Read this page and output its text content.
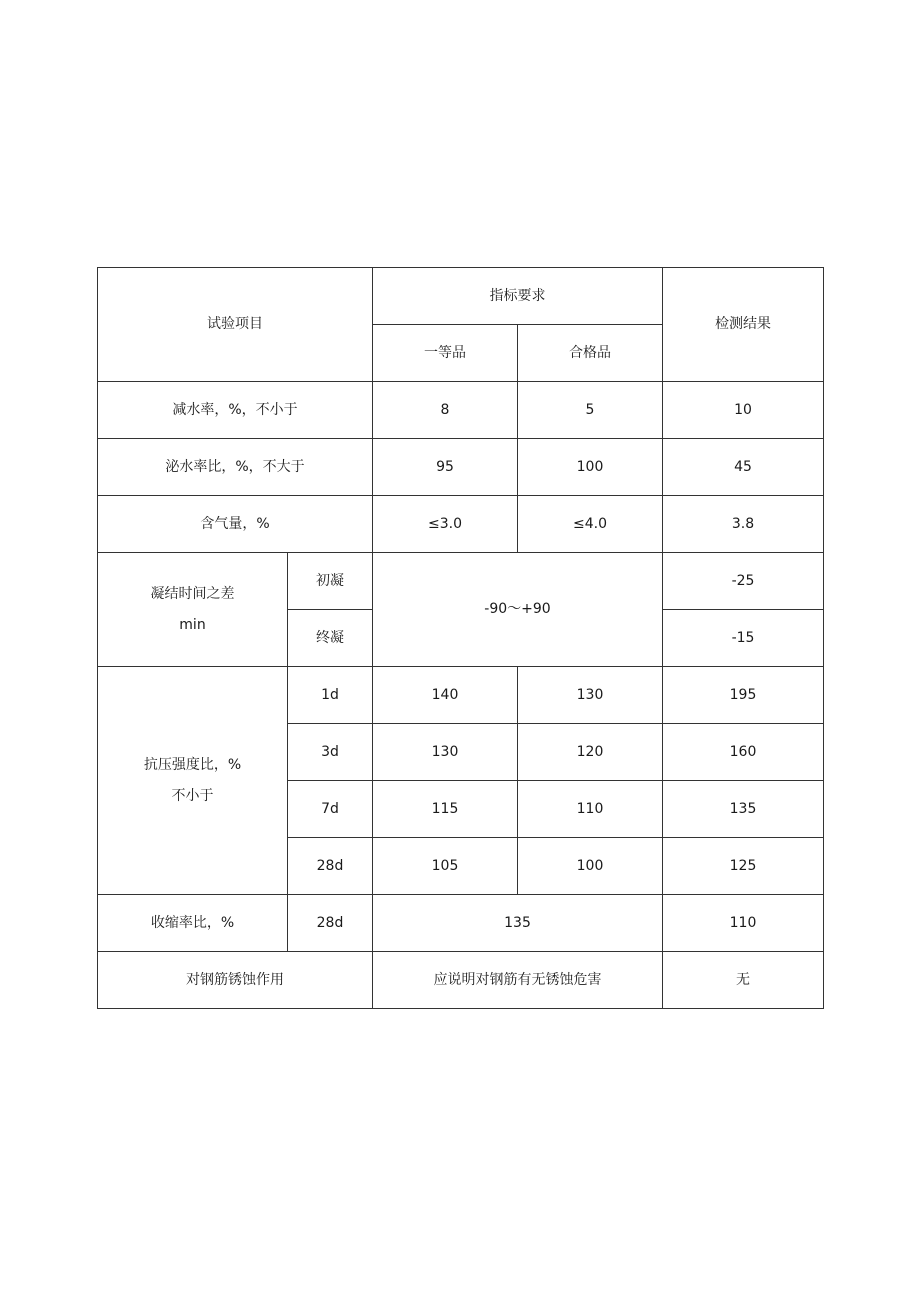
试验项目		指标要求		检测结果
		一等品	合格品	
减水率，%，不小于		8	5	10
泌水率比，%，不大于		95	100	45
含气量，%		≤3.0	≤4.0	3.8

凝结时间之差
min	初凝	-90～+90		-25
	终凝			-15

抗压强度比，%
不小于	1d	140	130	195
	3d	130	120	160
	7d	115	110	135
	28d	105	100	125
收缩率比，%	28d	135		110
对钢筋锈蚀作用		应说明对钢筋有无锈蚀危害		无
